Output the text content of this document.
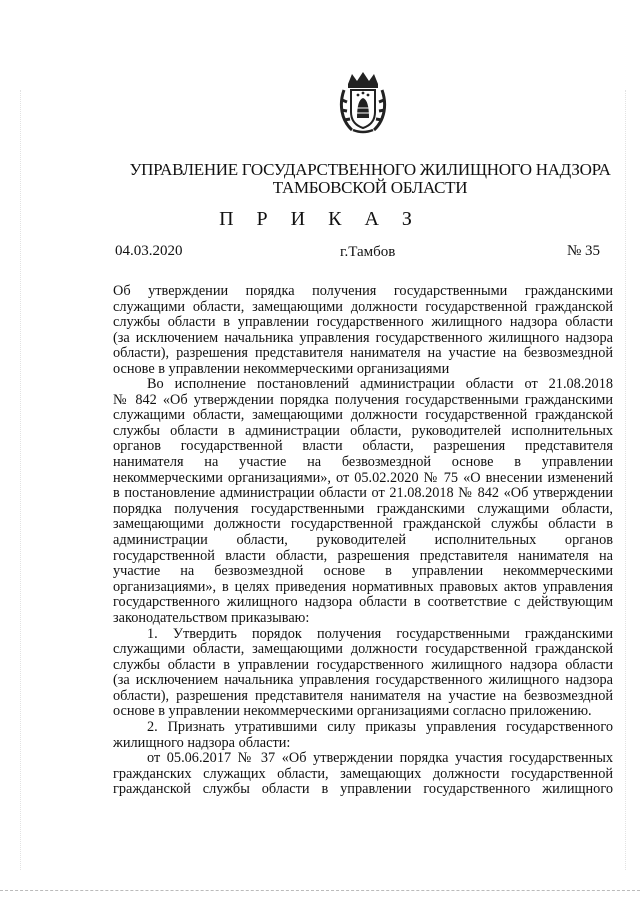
УПРАВЛЕНИЕ ГОСУДАРСТВЕННОГО ЖИЛИЩНОГО НАДЗОРА
ТАМБОВСКОЙ ОБЛАСТИ
П Р И К А З
04.03.2020	г.Тамбов	№ 35
Об утверждении порядка получения государственными гражданскими
служащими области, замещающими должности государственной гражданской
службы области в управлении государственного жилищного надзора области
(за исключением начальника управления государственного жилищного надзора
области), разрешения представителя нанимателя на участие на безвозмездной
основе в управлении некоммерческими организациями
Во исполнение постановлений администрации области от 21.08.2018
№ 842 «Об утверждении порядка получения государственными гражданскими
служащими области, замещающими должности государственной гражданской
службы области в администрации области, руководителей исполнительных
органов государственной власти области, разрешения представителя
нанимателя на участие на безвозмездной основе в управлении
некоммерческими организациями», от 05.02.2020 № 75 «О внесении изменений
в постановление администрации области от 21.08.2018 № 842 «Об утверждении
порядка получения государственными гражданскими служащими области,
замещающими должности государственной гражданской службы области в
администрации области, руководителей исполнительных органов
государственной власти области, разрешения представителя нанимателя на
участие на безвозмездной основе в управлении некоммерческими
организациями», в целях приведения нормативных правовых актов управления
государственного жилищного надзора области в соответствие с действующим
законодательством приказываю:
1. Утвердить порядок получения государственными гражданскими
служащими области, замещающими должности государственной гражданской
службы области в управлении государственного жилищного надзора области
(за исключением начальника управления государственного жилищного надзора
области), разрешения представителя нанимателя на участие на безвозмездной
основе в управлении некоммерческими организациями согласно приложению.
2. Признать утратившими силу приказы управления государственного
жилищного надзора области:
от 05.06.2017 № 37 «Об утверждении порядка участия государственных
гражданских служащих области, замещающих должности государственной
гражданской службы области в управлении государственного жилищного
